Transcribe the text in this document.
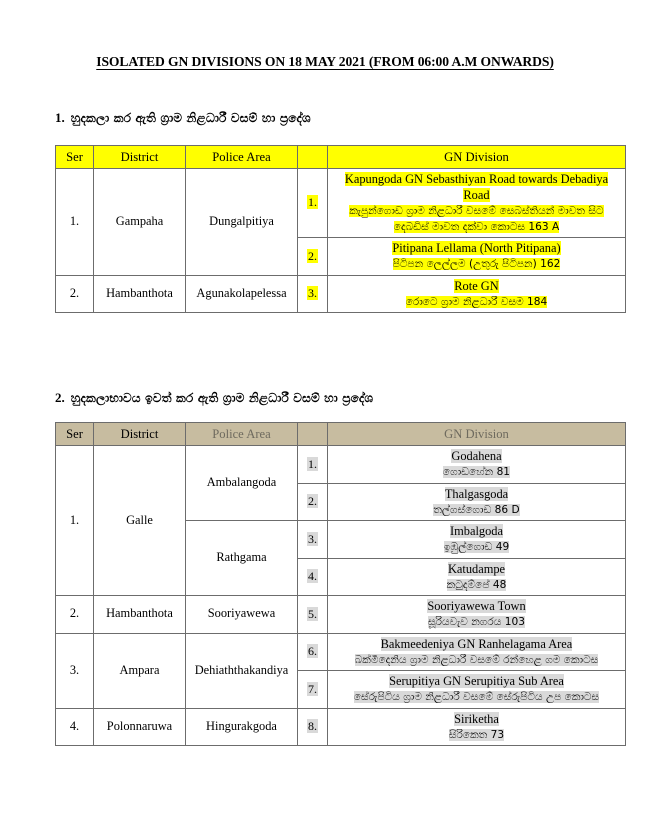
ISOLATED GN DIVISIONS ON 18 MAY 2021 (FROM 06:00 A.M ONWARDS)
1. හුදකලා කර ඇති ග්‍රාම නිළධාරී වසම් හා ප්‍රදේශ
Ser	District	Police Area		GN Division
1.	Gampaha	Dungalpitiya	1.	Kapungoda GN Sebasthiyan Road towards Debadiya Road
කැපුන්ගොඩ ග්‍රාම නිළධාරී වසමේ සෙබස්තියන් මාවත සිට දෙබඩිස් මාවත දක්වා කොටස 163 A

			2.	Pitipana Lellama (North Pitipana)
පිටිපන ලෙල්ලම (උතුරු පිටිපන) 162

2.	Hambanthota	Agunakolapelessa	3.	Rote GN
රොටෙ ග්‍රාම නිළධාරී වසම 184
2. හුදකලාභාවය ඉවත් කර ඇති ග්‍රාම නිළධාරී වසම් හා ප්‍රදේශ
Ser	District	Police Area		GN Division
1.	Galle	Ambalangoda	1.	Godahena
ගොඩහේන 81

			2.	Thalgasgoda
තල්ගස්ගොඩ 86 D

		Rathgama	3.	Imbalgoda
ඉඹුල්ගොඩ 49

			4.	Katudampe
කටුදම්පේ 48

2.	Hambanthota	Sooriyawewa	5.	Sooriyawewa Town
සූරියවැව නගරය 103

3.	Ampara	Dehiaththakandiya	6.	Bakmeedeniya GN Ranhelagama Area
බක්මීදෙනිය ග්‍රාම නිළධාරී වසමේ රන්හෙළ ගම කොටස

			7.	Serupitiya GN Serupitiya Sub Area
සේරුපිටිය ග්‍රාම නිළධාරී වසමේ සේරුපිටිය උප කොටස

4.	Polonnaruwa	Hingurakgoda	8.	Siriketha
සිරිකෙත 73
